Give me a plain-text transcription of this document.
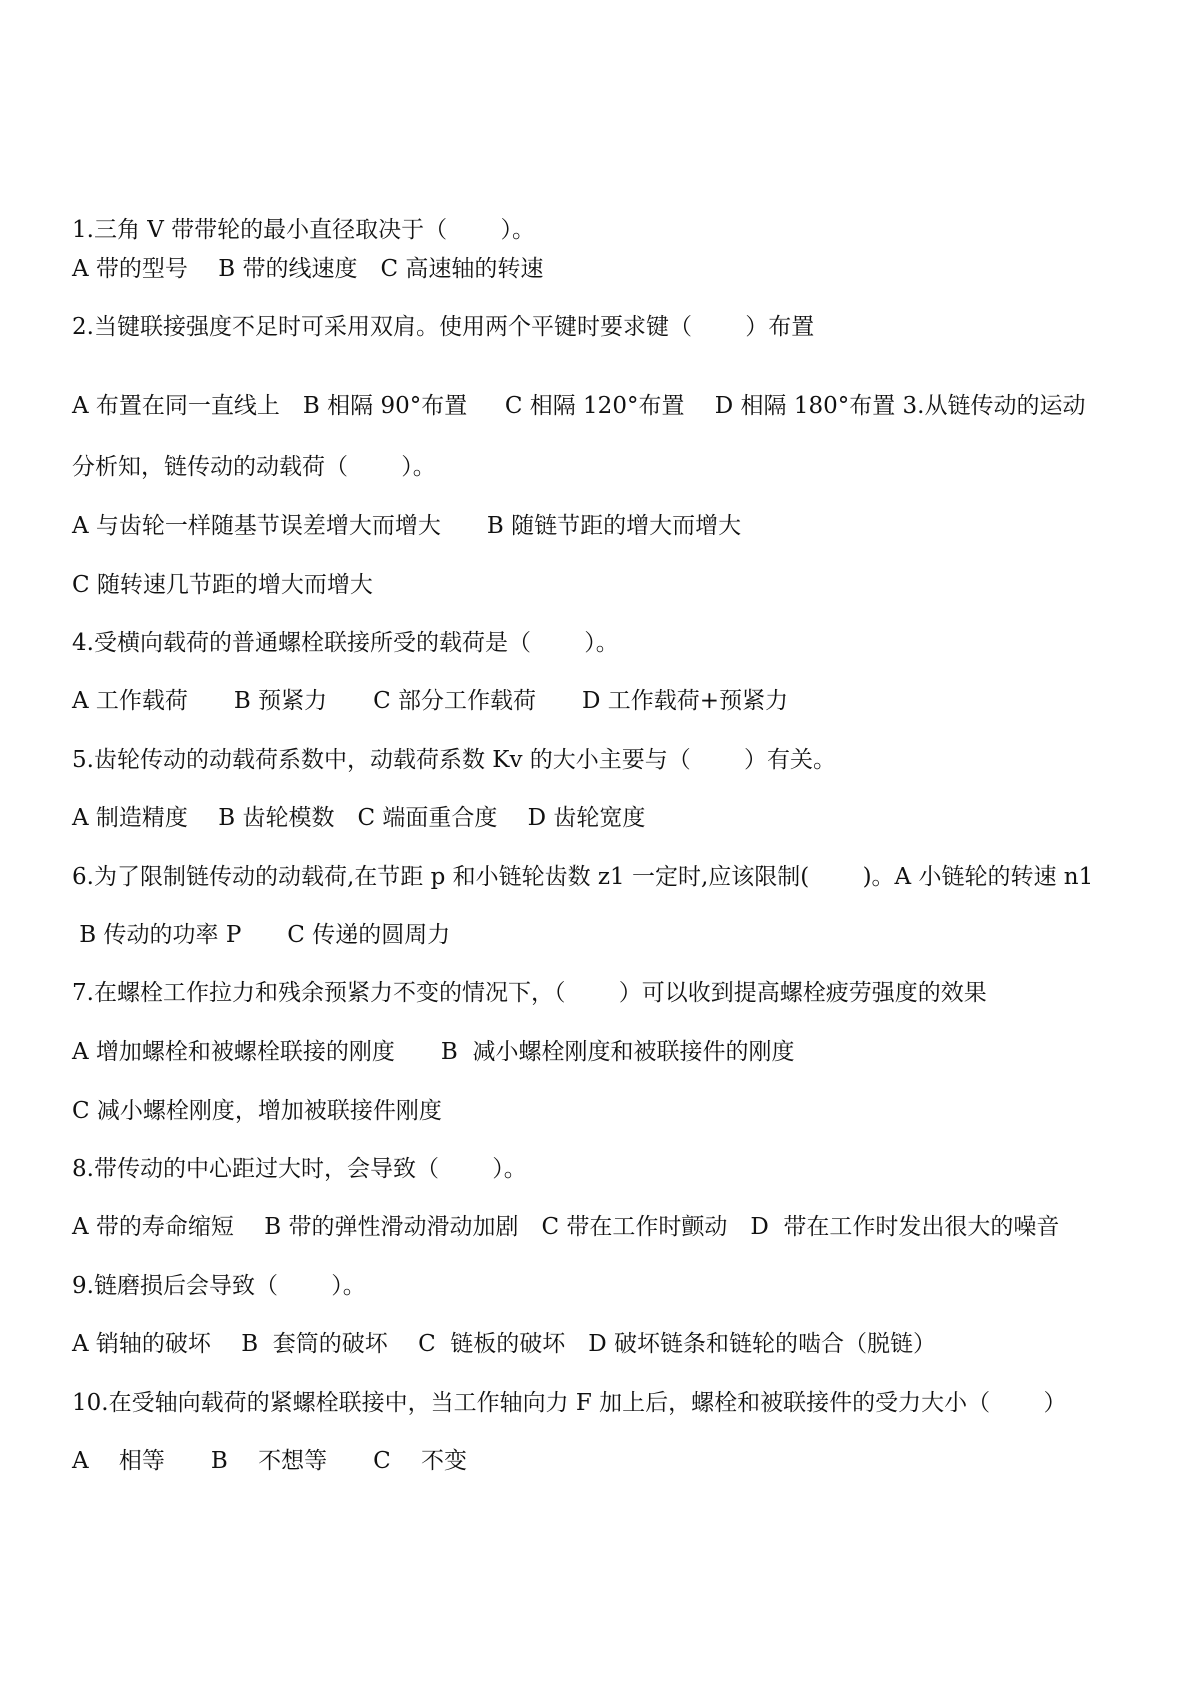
1.三角 V 带带轮的最小直径取决于（　　 ）。
A 带的型号　 B 带的线速度　C 高速轴的转速
2.当键联接强度不足时可采用双肩。使用两个平键时要求键（　　 ）布置
A 布置在同一直线上　B 相隔 90°布置 　 C 相隔 120°布置　 D 相隔 180°布置 3.从链传动的运动
分析知，链传动的动载荷（　　 ）。
A 与齿轮一样随基节误差增大而增大　　B 随链节距的增大而增大
C 随转速几节距的增大而增大
4.受横向载荷的普通螺栓联接所受的载荷是（　　 ）。
A 工作载荷　　B 预紧力　　C 部分工作载荷　　D 工作载荷+预紧力
5.齿轮传动的动载荷系数中，动载荷系数 Kv 的大小主要与（　　 ）有关。
A 制造精度　 B 齿轮模数　C 端面重合度　 D 齿轮宽度
6.为了限制链传动的动载荷,在节距 p 和小链轮齿数 z1 一定时,应该限制(　　 )。A 小链轮的转速 n1
B 传动的功率 P　　C 传递的圆周力
7.在螺栓工作拉力和残余预紧力不变的情况下，（　　 ）可以收到提高螺栓疲劳强度的效果
A 增加螺栓和被螺栓联接的刚度　　B  减小螺栓刚度和被联接件的刚度
C 减小螺栓刚度，增加被联接件刚度
8.带传动的中心距过大时，会导致（　　 ）。
A 带的寿命缩短　 B 带的弹性滑动滑动加剧　C 带在工作时颤动　D  带在工作时发出很大的噪音
9.链磨损后会导致（　　 ）。
A 销轴的破坏　 B  套筒的破坏 　C  链板的破坏　D 破坏链条和链轮的啮合（脱链）
10.在受轴向载荷的紧螺栓联接中，当工作轴向力 F 加上后，螺栓和被联接件的受力大小（　　 ）
A　 相等　　B　 不想等　　C　 不变
